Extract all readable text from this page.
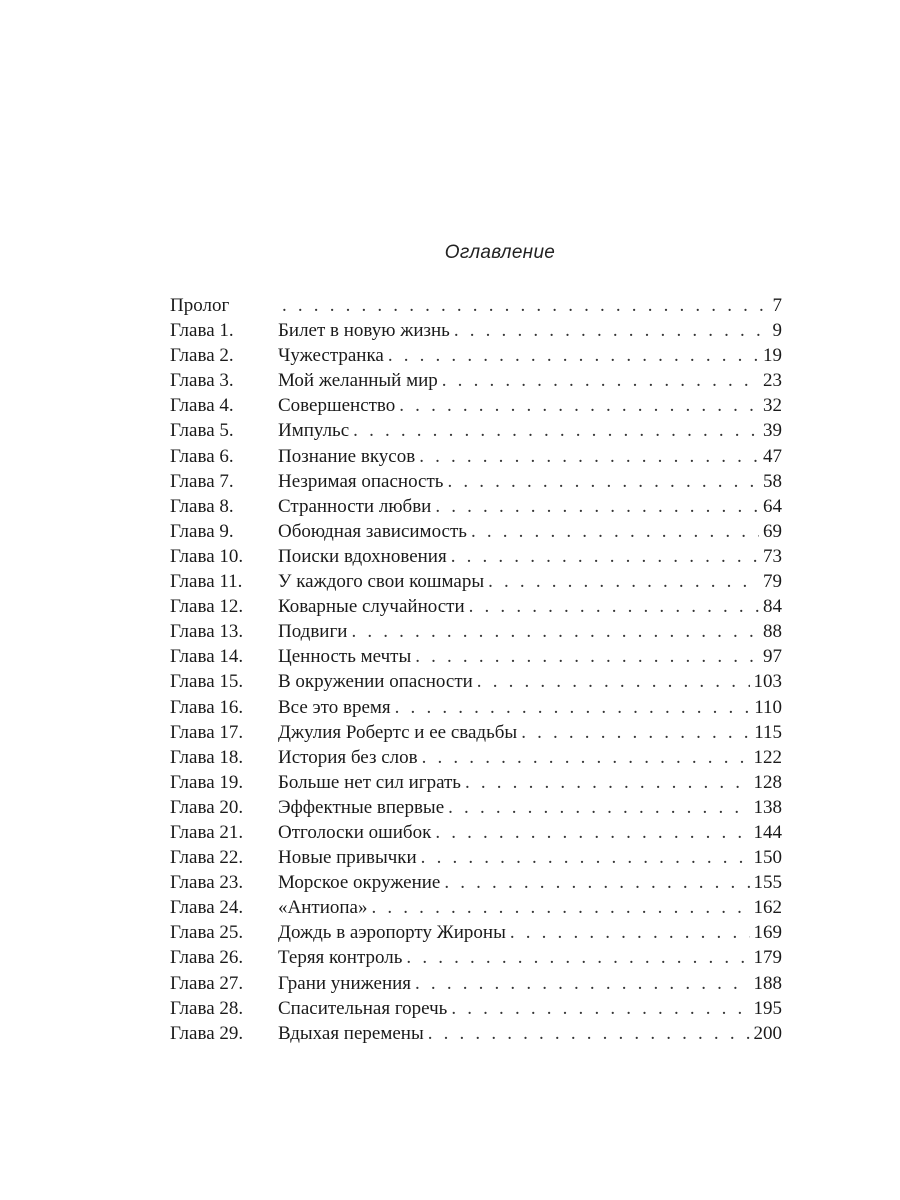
Оглавление
Пролог . . .	7
Глава 1.	Билет в новую жизнь . . .	9
Глава 2.	Чужестранка . . .	19
Глава 3.	Мой желанный мир . . .	23
Глава 4.	Совершенство . . .	32
Глава 5.	Импульс . . .	39
Глава 6.	Познание вкусов . . .	47
Глава 7.	Незримая опасность . . .	58
Глава 8.	Странности любви . . .	64
Глава 9.	Обоюдная зависимость . . .	69
Глава 10.	Поиски вдохновения . . .	73
Глава 11.	У каждого свои кошмары . . .	79
Глава 12.	Коварные случайности . . .	84
Глава 13.	Подвиги . . .	88
Глава 14.	Ценность мечты . . .	97
Глава 15.	В окружении опасности . . .	103
Глава 16.	Все это время . . .	110
Глава 17.	Джулия Робертс и ее свадьбы . . .	115
Глава 18.	История без слов . . .	122
Глава 19.	Больше нет сил играть . . .	128
Глава 20.	Эффектные впервые . . .	138
Глава 21.	Отголоски ошибок . . .	144
Глава 22.	Новые привычки . . .	150
Глава 23.	Морское окружение . . .	155
Глава 24.	«Антиопа» . . .	162
Глава 25.	Дождь в аэропорту Жироны . . .	169
Глава 26.	Теряя контроль . . .	179
Глава 27.	Грани унижения . . .	188
Глава 28.	Спасительная горечь . . .	195
Глава 29.	Вдыхая перемены . . .	200
